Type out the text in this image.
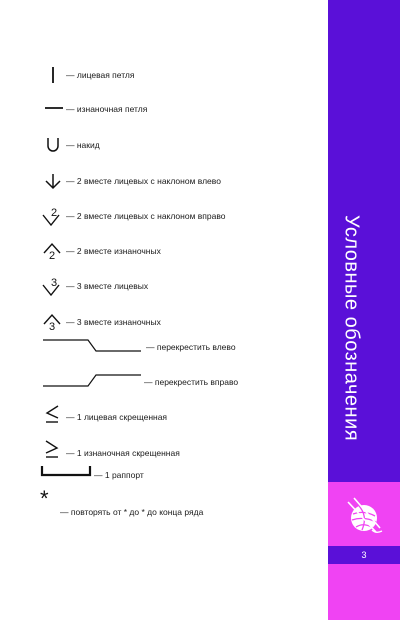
— лицевая петля
— изнаночная петля
— накид
— 2 вместе лицевых с наклоном влево
2 — 2 вместе лицевых с наклоном вправо
2 — 2 вместе изнаночных
3 — 3 вместе лицевых
3 — 3 вместе изнаночных
— перекрестить влево
— перекрестить вправо
— 1 лицевая скрещенная
— 1 изнаночная скрещенная
— 1 раппорт
*
— повторять от * до * до конца ряда
3
Условные обозначения
